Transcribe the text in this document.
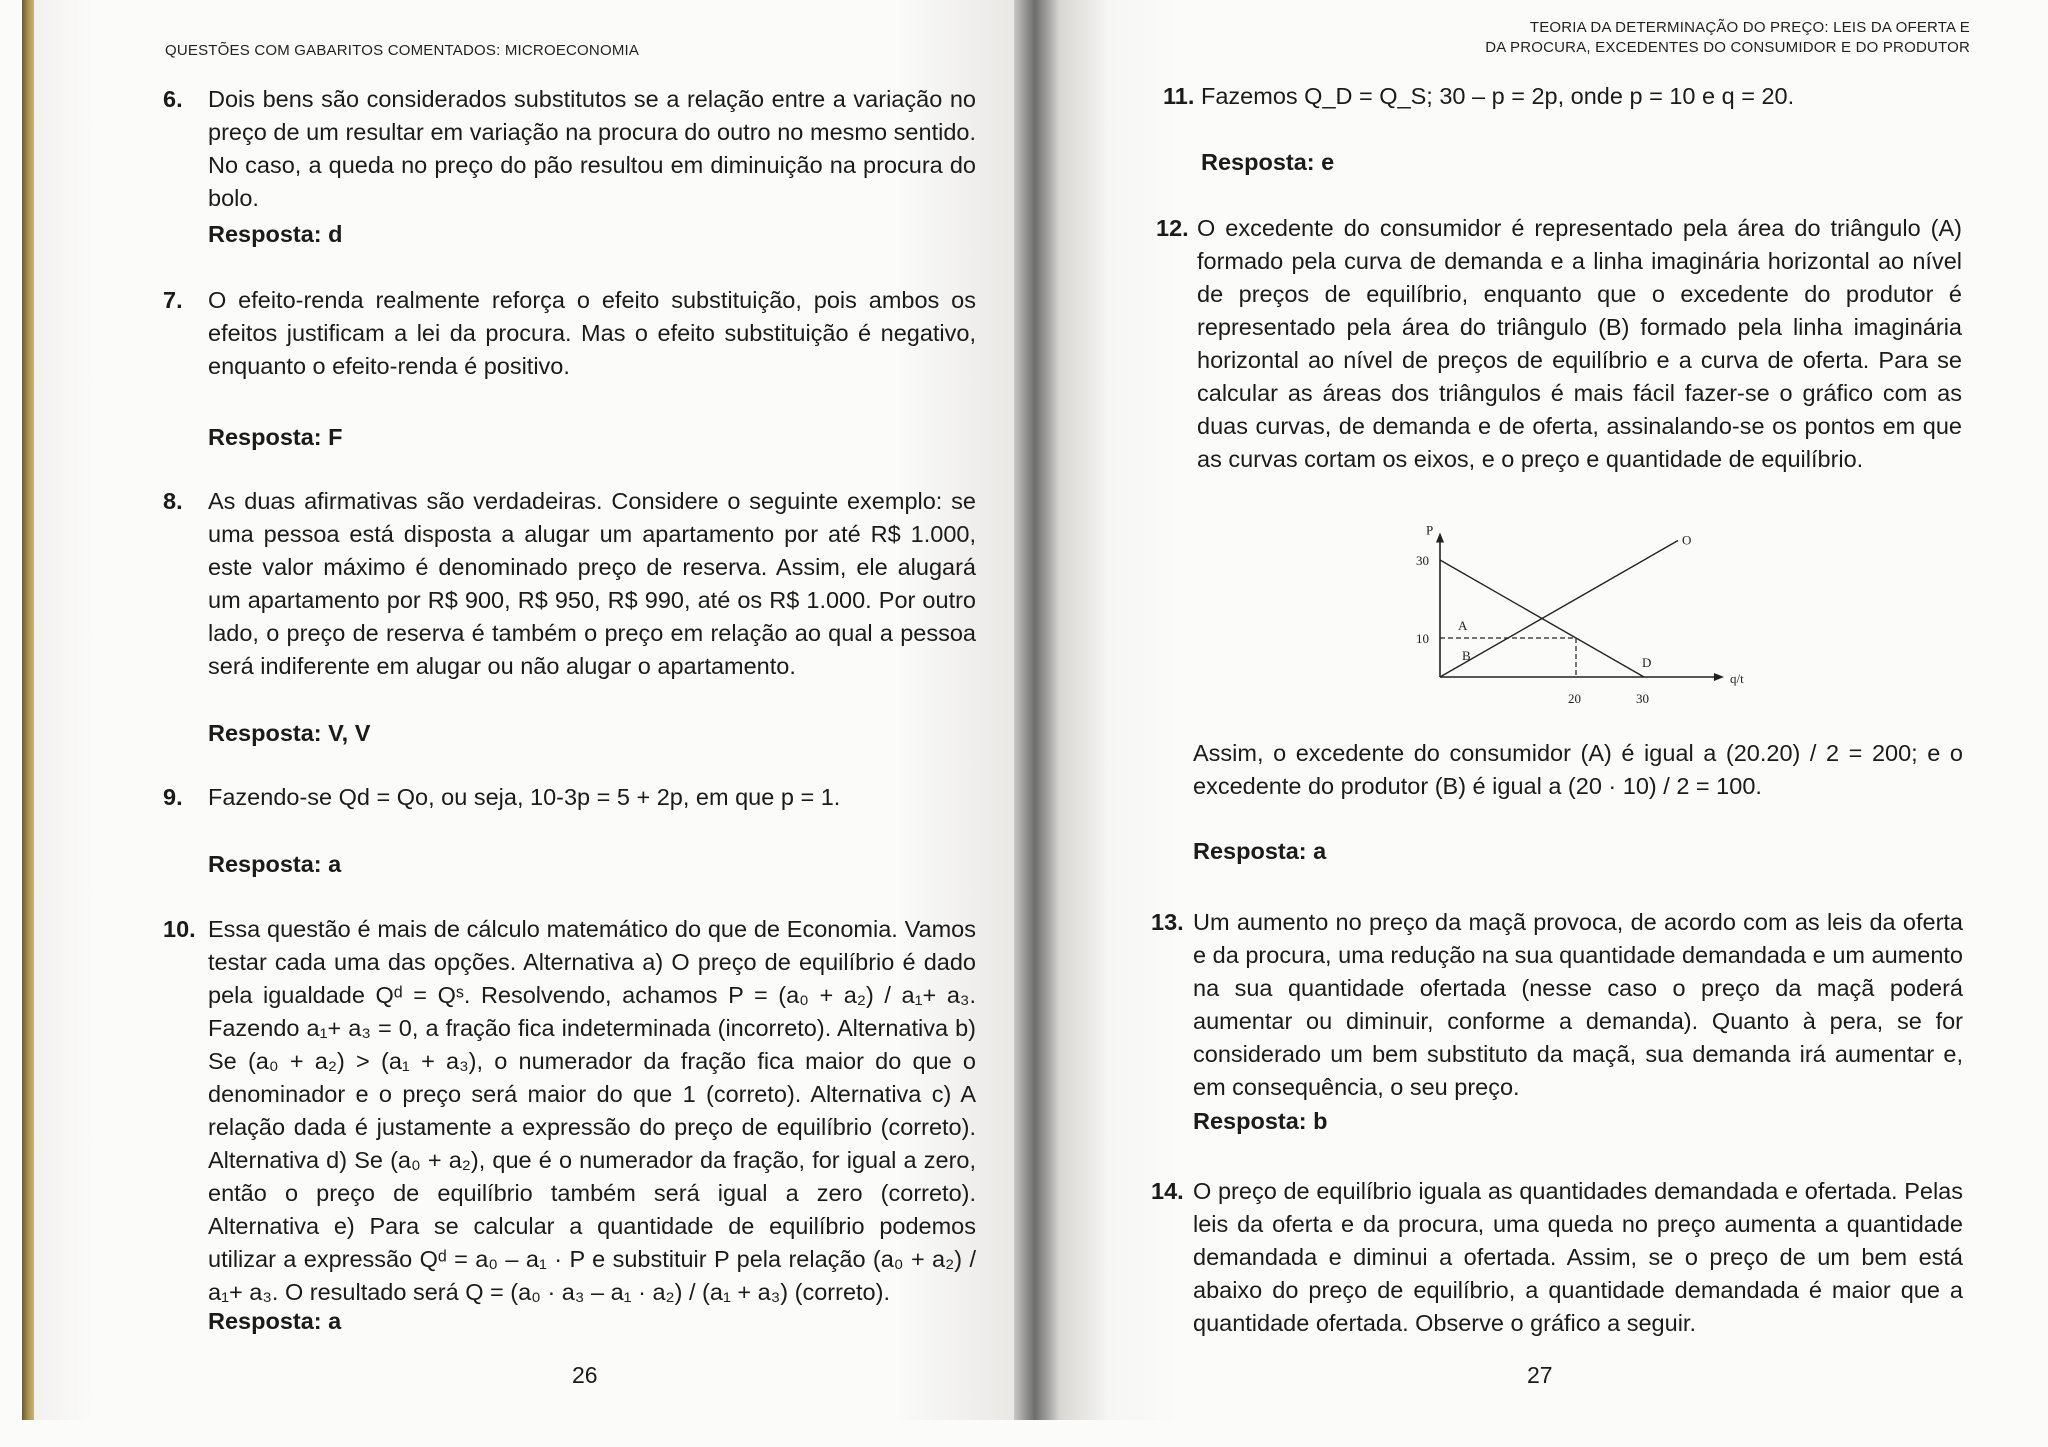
QUESTÕES COM GABARITOS COMENTADOS: MICROECONOMIA
6. Dois bens são considerados substitutos se a relação entre a variação no preço de um resultar em variação na procura do outro no mesmo sentido. No caso, a queda no preço do pão resultou em diminuição na procura do bolo.
Resposta: d
7. O efeito-renda realmente reforça o efeito substituição, pois ambos os efeitos justificam a lei da procura. Mas o efeito substituição é negativo, enquanto o efeito-renda é positivo.
Resposta: F
8. As duas afirmativas são verdadeiras. Considere o seguinte exemplo: se uma pessoa está disposta a alugar um apartamento por até R$ 1.000, este valor máximo é denominado preço de reserva. Assim, ele alugará um apartamento por R$ 900, R$ 950, R$ 990, até os R$ 1.000. Por outro lado, o preço de reserva é também o preço em relação ao qual a pessoa será indiferente em alugar ou não alugar o apartamento.
Resposta: V, V
9. Fazendo-se Qd = Qo, ou seja, 10-3p = 5 + 2p, em que p = 1.
Resposta: a
10. Essa questão é mais de cálculo matemático do que de Economia. Vamos testar cada uma das opções. Alternativa a) O preço de equilíbrio é dado pela igualdade Qᵈ = Qˢ. Resolvendo, achamos P = (a₀ + a₂) / a₁+ a₃. Fazendo a₁+ a₃ = 0, a fração fica indeterminada (incorreto). Alternativa b) Se (a₀ + a₂) > (a₁ + a₃), o numerador da fração fica maior do que o denominador e o preço será maior do que 1 (correto). Alternativa c) A relação dada é justamente a expressão do preço de equilíbrio (correto). Alternativa d) Se (a₀ + a₂), que é o numerador da fração, for igual a zero, então o preço de equilíbrio também será igual a zero (correto). Alternativa e) Para se calcular a quantidade de equilíbrio podemos utilizar a expressão Qᵈ = a₀ – a₁ · P e substituir P pela relação (a₀ + a₂) / a₁+ a₃. O resultado será Q = (a₀ · a₃ – a₁ · a₂) / (a₁ + a₃) (correto).
Resposta: a
26
TEORIA DA DETERMINAÇÃO DO PREÇO: LEIS DA OFERTA E
DA PROCURA, EXCEDENTES DO CONSUMIDOR E DO PRODUTOR
11. Fazemos Q_D = Q_S; 30 – p = 2p, onde p = 10 e q = 20.
Resposta: e
12. O excedente do consumidor é representado pela área do triângulo (A) formado pela curva de demanda e a linha imaginária horizontal ao nível de preços de equilíbrio, enquanto que o excedente do produtor é representado pela área do triângulo (B) formado pela linha imaginária horizontal ao nível de preços de equilíbrio e a curva de oferta. Para se calcular as áreas dos triângulos é mais fácil fazer-se o gráfico com as duas curvas, de demanda e de oferta, assinalando-se os pontos em que as curvas cortam os eixos, e o preço e quantidade de equilíbrio.
P
q/t
D
O
30
10
20	30
A
B
Assim, o excedente do consumidor (A) é igual a (20.20) / 2 = 200; e o excedente do produtor (B) é igual a (20 · 10) / 2 = 100.
Resposta: a
13. Um aumento no preço da maçã provoca, de acordo com as leis da oferta e da procura, uma redução na sua quantidade demandada e um aumento na sua quantidade ofertada (nesse caso o preço da maçã poderá aumentar ou diminuir, conforme a demanda). Quanto à pera, se for considerado um bem substituto da maçã, sua demanda irá aumentar e, em consequência, o seu preço.
Resposta: b
14. O preço de equilíbrio iguala as quantidades demandada e ofertada. Pelas leis da oferta e da procura, uma queda no preço aumenta a quantidade demandada e diminui a ofertada. Assim, se o preço de um bem está abaixo do preço de equilíbrio, a quantidade demandada é maior que a quantidade ofertada. Observe o gráfico a seguir.
27
